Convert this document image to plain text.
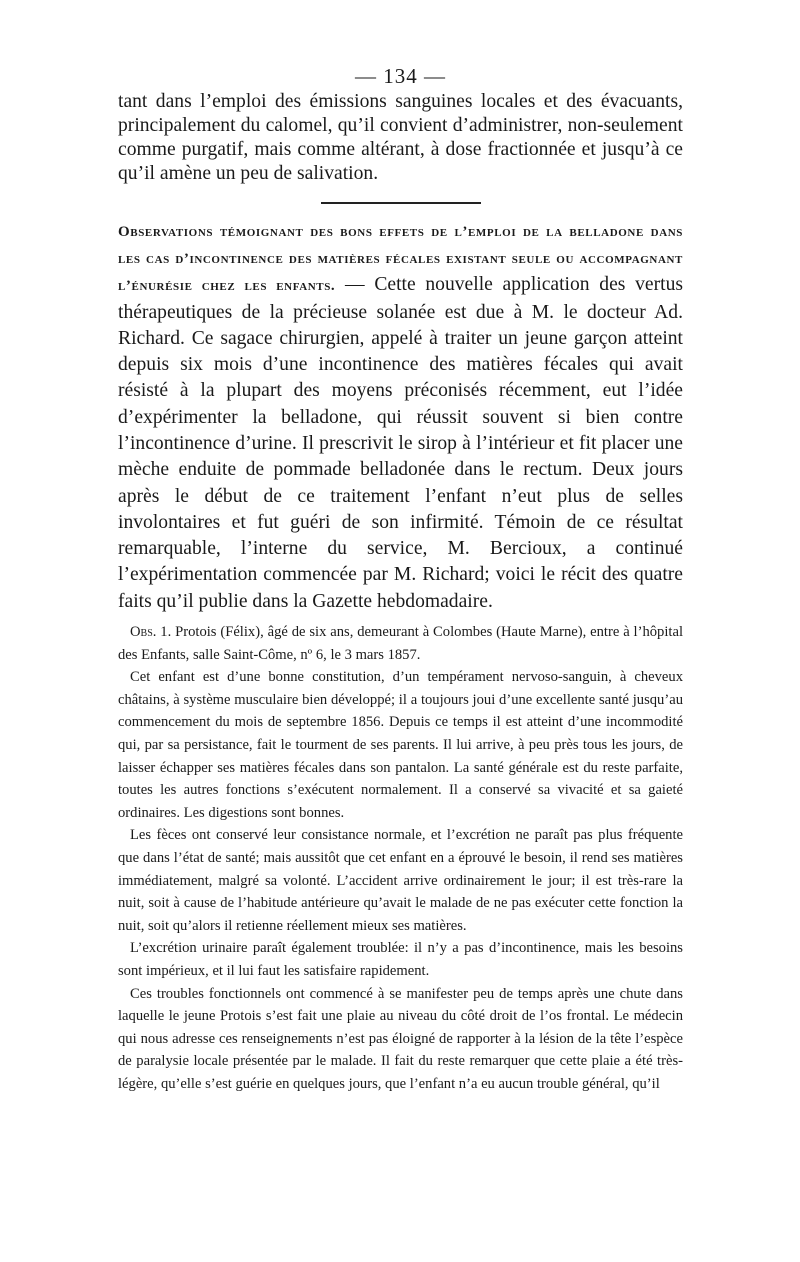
— 134 —

tant dans l’emploi des émissions sanguines locales et des évacuants, principalement du calomel, qu’il convient d’administrer, non-seulement comme purgatif, mais comme altérant, à dose fractionnée et jusqu’à ce qu’il amène un peu de salivation.

Observations témoignant des bons effets de l’emploi de la belladone dans les cas d’incontinence des matières fécales existant seule ou accompagnant l’énurésie chez les enfants. — Cette nouvelle application des vertus thérapeutiques de la précieuse solanée est due à M. le docteur Ad. Richard. Ce sagace chirurgien, appelé à traiter un jeune garçon atteint depuis six mois d’une incontinence des matières fécales qui avait résisté à la plupart des moyens préconisés récemment, eut l’idée d’expérimenter la belladone, qui réussit souvent si bien contre l’incontinence d’urine. Il prescrivit le sirop à l’intérieur et fit placer une mèche enduite de pommade belladonée dans le rectum. Deux jours après le début de ce traitement l’enfant n’eut plus de selles involontaires et fut guéri de son infirmité. Témoin de ce résultat remarquable, l’interne du service, M. Bercioux, a continué l’expérimentation commencée par M. Richard; voici le récit des quatre faits qu’il publie dans la Gazette hebdomadaire.

Obs. 1. Protois (Félix), âgé de six ans, demeurant à Colombes (Haute Marne), entre à l’hôpital des Enfants, salle Saint-Côme, nº 6, le 3 mars 1857.

Cet enfant est d’une bonne constitution, d’un tempérament nervoso-sanguin, à cheveux châtains, à système musculaire bien développé; il a toujours joui d’une excellente santé jusqu’au commencement du mois de septembre 1856. Depuis ce temps il est atteint d’une incommodité qui, par sa persistance, fait le tourment de ses parents. Il lui arrive, à peu près tous les jours, de laisser échapper ses matières fécales dans son pantalon. La santé générale est du reste parfaite, toutes les autres fonctions s’exécutent normalement. Il a conservé sa vivacité et sa gaieté ordinaires. Les digestions sont bonnes.

Les fèces ont conservé leur consistance normale, et l’excrétion ne paraît pas plus fréquente que dans l’état de santé; mais aussitôt que cet enfant en a éprouvé le besoin, il rend ses matières immédiatement, malgré sa volonté. L’accident arrive ordinairement le jour; il est très-rare la nuit, soit à cause de l’habitude antérieure qu’avait le malade de ne pas exécuter cette fonction la nuit, soit qu’alors il retienne réellement mieux ses matières.

L’excrétion urinaire paraît également troublée: il n’y a pas d’incontinence, mais les besoins sont impérieux, et il lui faut les satisfaire rapidement.

Ces troubles fonctionnels ont commencé à se manifester peu de temps après une chute dans laquelle le jeune Protois s’est fait une plaie au niveau du côté droit de l’os frontal. Le médecin qui nous adresse ces renseignements n’est pas éloigné de rapporter à la lésion de la tête l’espèce de paralysie locale présentée par le malade. Il fait du reste remarquer que cette plaie a été très-légère, qu’elle s’est guérie en quelques jours, que l’enfant n’a eu aucun trouble général, qu’il
